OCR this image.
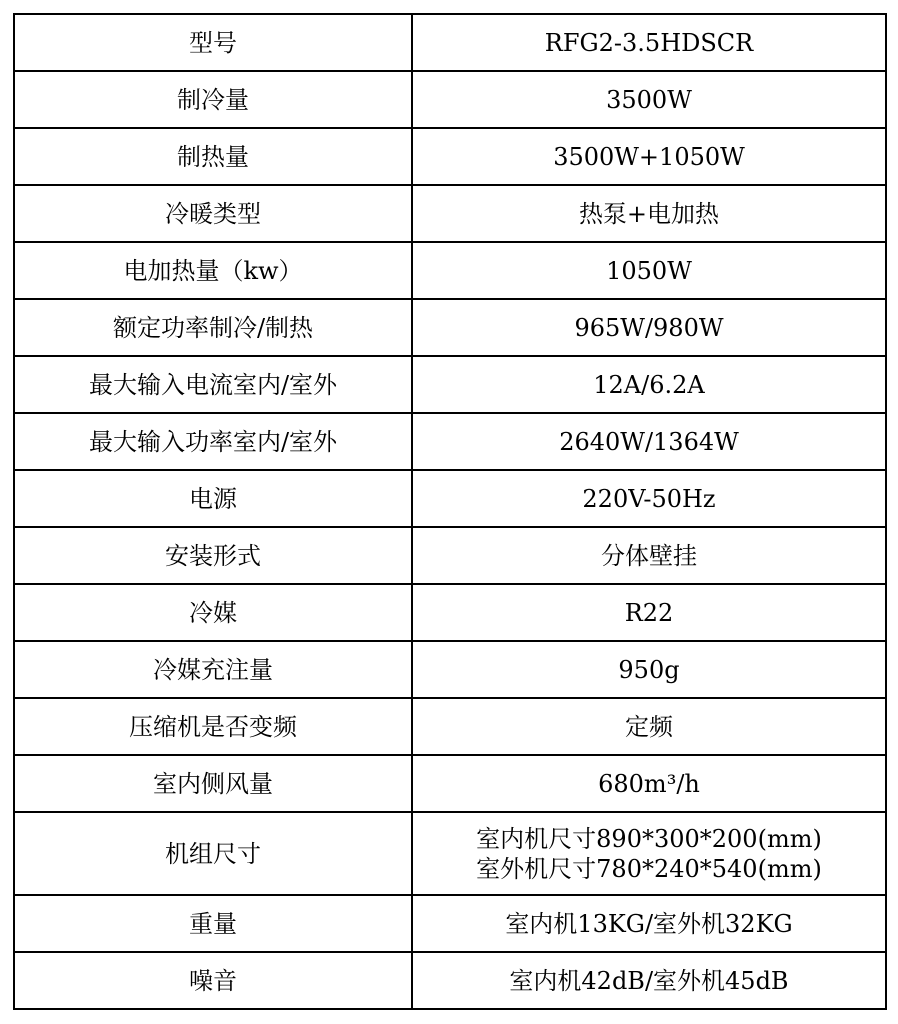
型号	RFG2-3.5HDSCR
制冷量	3500W
制热量	3500W+1050W
冷暖类型	热泵+电加热
电加热量（kw）	1050W
额定功率制冷/制热	965W/980W
最大输入电流室内/室外	12A/6.2A
最大输入功率室内/室外	2640W/1364W
电源	220V-50Hz
安装形式	分体壁挂
冷媒	R22
冷媒充注量	950g
压缩机是否变频	定频
室内侧风量	680m³/h
机组尺寸	室内机尺寸890*300*200(mm)
室外机尺寸780*240*540(mm)

重量	室内机13KG/室外机32KG
噪音	室内机42dB/室外机45dB
